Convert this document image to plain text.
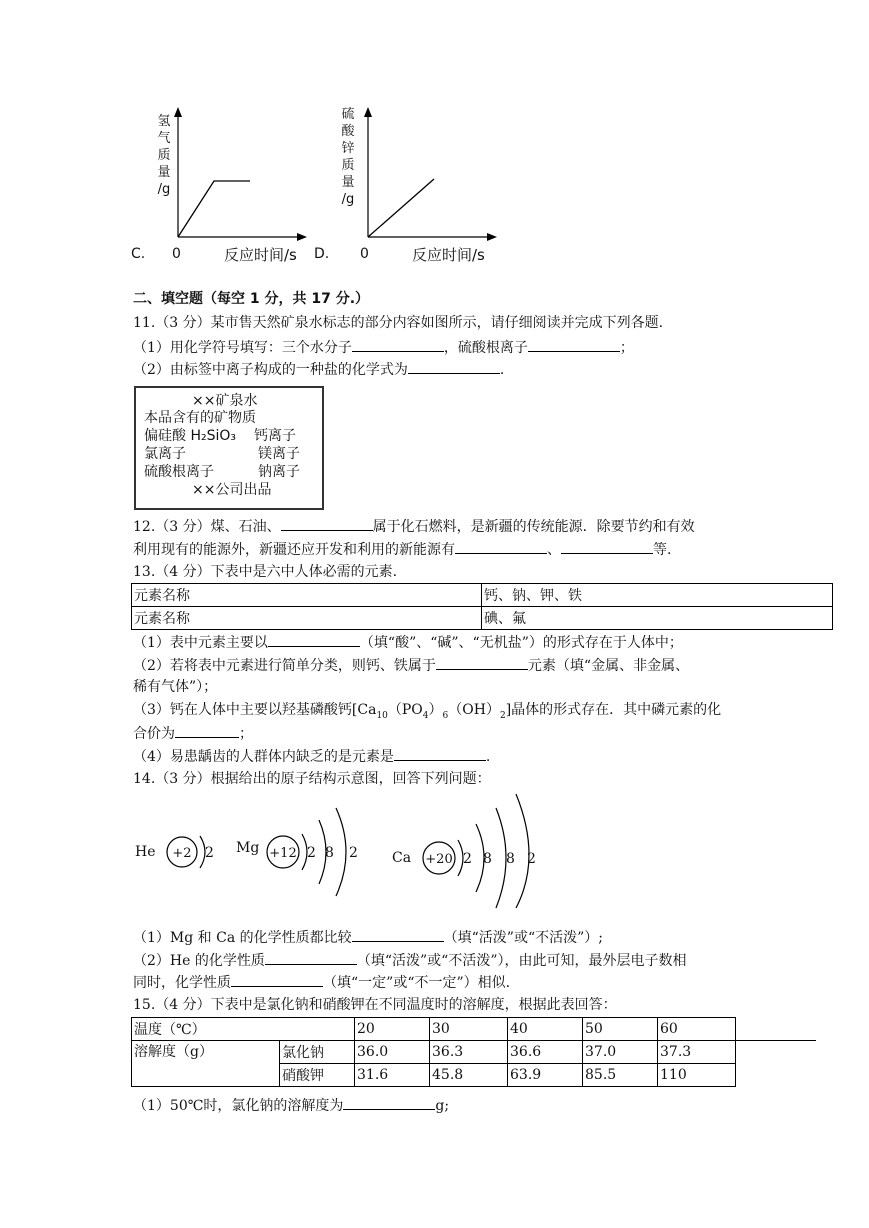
氢
气
质
量
/g
C. 0	反应时间/s
硫
酸
锌
质
量
/g
D. 0	反应时间/s
二、填空题（每空 1 分，共 17 分.）
11.（3 分）某市售天然矿泉水标志的部分内容如图所示，请仔细阅读并完成下列各题.
（1）用化学符号填写：三个水分子	，硫酸根离子	；
（2）由标签中离子构成的一种盐的化学式为	.
××矿泉水
本品含有的矿物质
偏硅酸 H₂SiO₃ 钙离子
氯离子	镁离子
硫酸根离子	钠离子
××公司出品
12.（3 分）煤、石油、	属于化石燃料，是新疆的传统能源．除要节约和有效
利用现有的能源外，新疆还应开发和利用的新能源有	、	等.
13.（4 分）下表中是六中人体必需的元素.
元素名称	钙、钠、钾、铁
元素名称	碘、氟
（1）表中元素主要以	（填“酸”、“碱”、“无机盐”）的形式存在于人体中；
（2）若将表中元素进行简单分类，则钙、铁属于	元素（填“金属、非金属、
稀有气体”）；
（3）钙在人体中主要以羟基磷酸钙$[Ca_{10}(PO_4)_6(OH)_2]$晶体的形式存在．其中磷元素的化
合价为	；
（4）易患龋齿的人群体内缺乏的是元素是	.
14.（3 分）根据给出的原子结构示意图，回答下列问题：
He +2 2 Mg +12 2 8 2 Ca +20 2 8 8 2
（1）Mg 和 Ca 的化学性质都比较	（填“活泼”或“不活泼”）;
（2）He 的化学性质	（填“活泼”或“不活泼”），由此可知，最外层电子数相
同时，化学性质	（填“一定”或“不一定”）相似.
15.（4 分）下表中是氯化钠和硝酸钾在不同温度时的溶解度，根据此表回答：
温度（℃）		20	30	40	50	60	
溶解度（g）	氯化钠	36.0	36.3	36.6	37.0	37.3	
	硝酸钾	31.6	45.8	63.9	85.5	110	
（1）50℃时，氯化钠的溶解度为	g;
